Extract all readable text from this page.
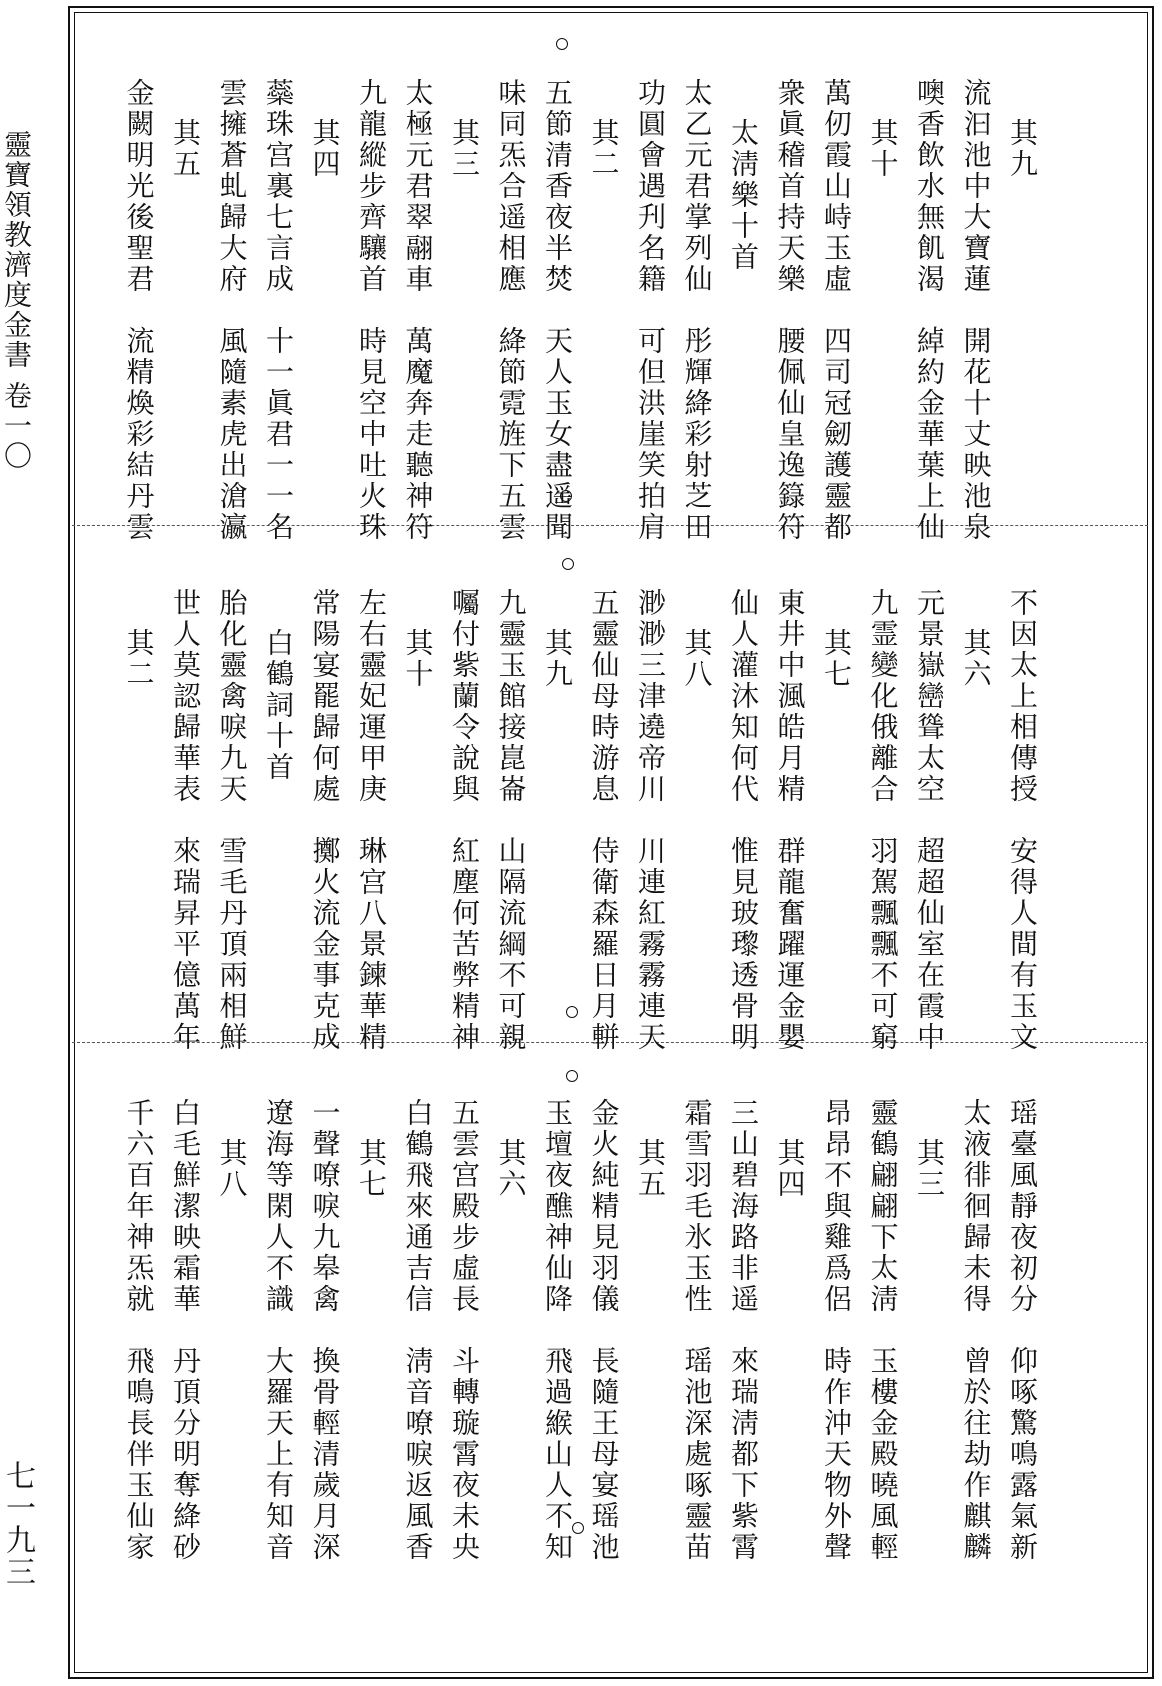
靈寶領教濟度金書 卷一〇
七一九三
其九
流汩池中大寶蓮　開花十丈映池泉
噢香飲水無飢渴　綽約金華葉上仙
其十
萬仞霞山峙玉虛　四司冠劒護靈都
衆眞稽首持天樂　腰佩仙皇逸籙符
太淸樂十首
太乙元君掌列仙　彤輝絳彩射芝田
功圓會遇刋名籍　可但洪崖笑拍肩
其二
五節清香夜半焚　天人玉女盡遥聞
味同炁合遥相應　絳節霓旌下五雲
其三
太極元君翠翮車　萬魔奔走聽神符
九龍縱步齊驤首　時見空中吐火珠
其四
蘂珠宫裏七言成　十一眞君一一名
雲擁蒼虬歸大府　風隨素虎出滄瀛
其五
金闕明光後聖君　流精煥彩結丹雲
不因太上相傳授　安得人間有玉文
其六
元景嶽巒聳太空　超超仙室在霞中
九霊變化俄離合　羽駕飄飄不可窮
其七
東井中渢皓月精　群龍奮躍運金嬰
仙人灌沐知何代　惟見玻瓈透骨明
其八
渺渺三津遶帝川　川連紅霧霧連天
五靈仙母時游息　侍衛森羅日月軿
其九
九靈玉館接崑崙　山隔流綱不可親
囑付紫蘭令說與　紅塵何苦弊精神
其十
左右靈妃運甲庚　琳宫八景鍊華精
常陽宴罷歸何處　擲火流金事克成
白鶴詞十首
胎化靈禽唳九天　雪毛丹頂兩相鮮
世人莫認歸華表　來瑞昇平億萬年
其二
瑶臺風靜夜初分　仰啄驚鳴露氣新
太液徘徊歸未得　曾於往劫作麒麟
其三
靈鶴翩翩下太淸　玉樓金殿曉風輕
昂昂不與雞爲侶　時作沖天物外聲
其四
三山碧海路非遥　來瑞淸都下紫霄
霜雪羽毛氷玉性　瑶池深處啄靈苗
其五
金火純精見羽儀　長隨王母宴瑶池
玉壇夜醮神仙降　飛過緱山人不知
其六
五雲宫殿步虛長　斗轉璇霄夜未央
白鶴飛來通吉信　淸音嘹唳返風香
其七
一聲嘹唳九皋禽　換骨輕清歲月深
遼海等閑人不識　大羅天上有知音
其八
白毛鮮潔映霜華　丹頂分明奪絳砂
千六百年神炁就　飛鳴長伴玉仙家
